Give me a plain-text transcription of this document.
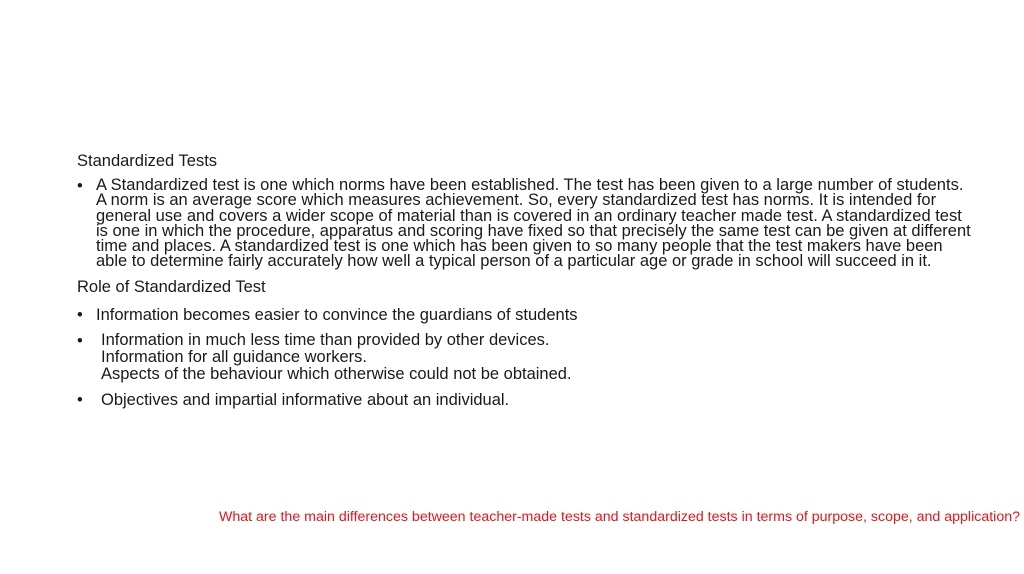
Standardized Tests
• A Standardized test is one which norms have been established. The test has been given to a large number of students. A norm is an average score which measures achievement. So, every standardized test has norms. It is intended for general use and covers a wider scope of material than is covered in an ordinary teacher made test. A standardized test is one in which the procedure, apparatus and scoring have fixed so that precisely the same test can be given at different time and places. A standardized test is one which has been given to so many people that the test makers have been able to determine fairly accurately how well a typical person of a particular age or grade in school will succeed in it.
Role of Standardized Test
• Information becomes easier to convince the guardians of students
• Information in much less time than provided by other devices.
Information for all guidance workers.
Aspects of the behaviour which otherwise could not be obtained.
• Objectives and impartial informative about an individual.
What are the main differences between teacher-made tests and standardized tests in terms of purpose, scope, and application?
